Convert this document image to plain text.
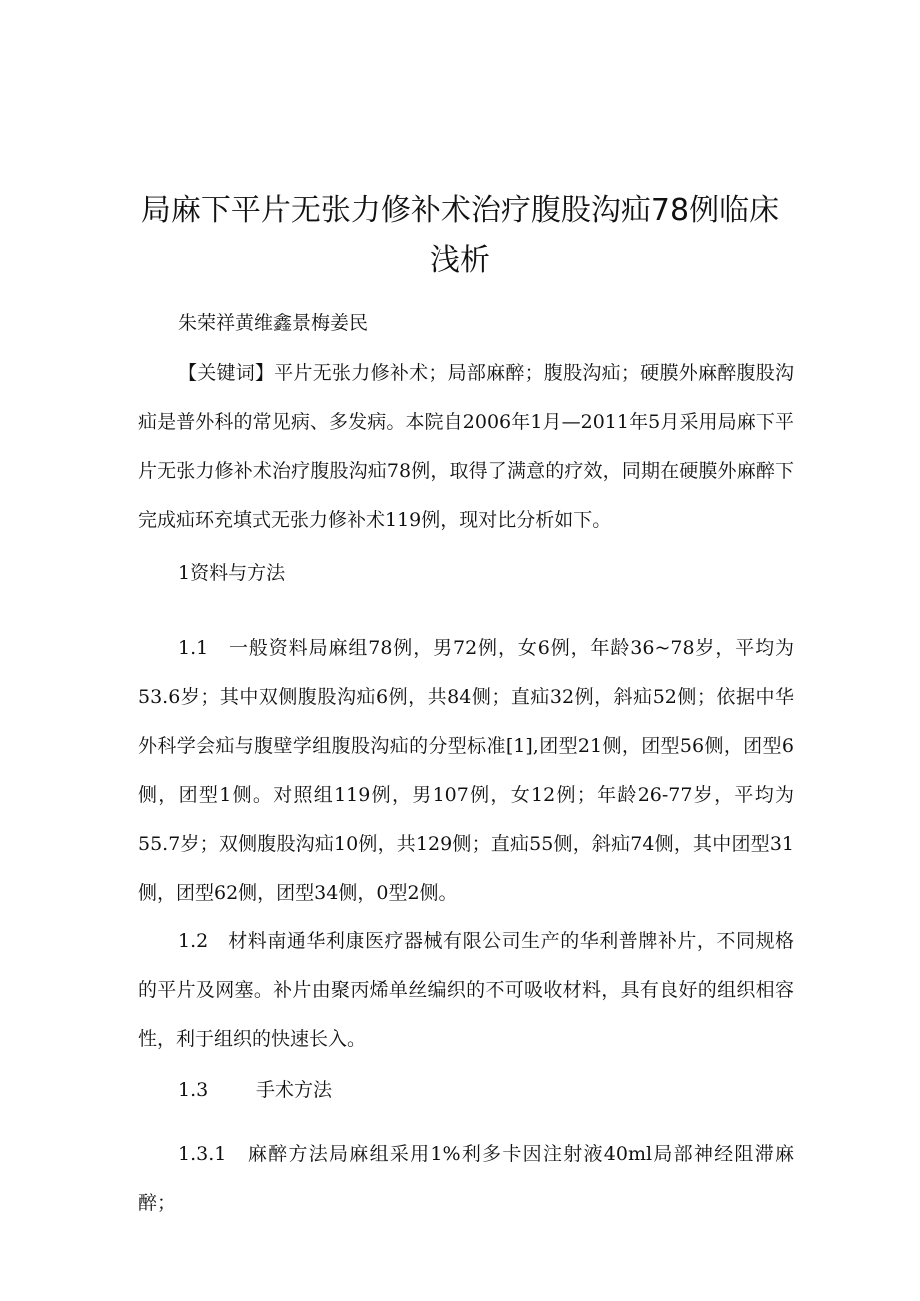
局麻下平片无张力修补术治疗腹股沟疝78例临床浅析

朱荣祥黄维鑫景梅姜民

【关键词】平片无张力修补术；局部麻醉；腹股沟疝；硬膜外麻醉腹股沟疝是普外科的常见病、多发病。本院自2006年1月—2011年5月采用局麻下平片无张力修补术治疗腹股沟疝78例，取得了满意的疗效，同期在硬膜外麻醉下完成疝环充填式无张力修补术119例，现对比分析如下。

1资料与方法

1.1　一般资料局麻组78例，男72例，女6例，年龄36~78岁，平均为53.6岁；其中双侧腹股沟疝6例，共84侧；直疝32例，斜疝52侧；依据中华外科学会疝与腹壁学组腹股沟疝的分型标准[1],团型21侧，团型56侧，团型6侧，团型1侧。对照组119例，男107例，女12例；年龄26-77岁，平均为55.7岁；双侧腹股沟疝10例，共129侧；直疝55侧，斜疝74侧，其中团型31侧，团型62侧，团型34侧，0型2侧。

1.2　材料南通华利康医疗器械有限公司生产的华利普牌补片，不同规格的平片及网塞。补片由聚丙烯单丝编织的不可吸收材料，具有良好的组织相容性，利于组织的快速长入。

1.3	手术方法

1.3.1　麻醉方法局麻组采用1%利多卡因注射液40ml局部神经阻滞麻醉；
